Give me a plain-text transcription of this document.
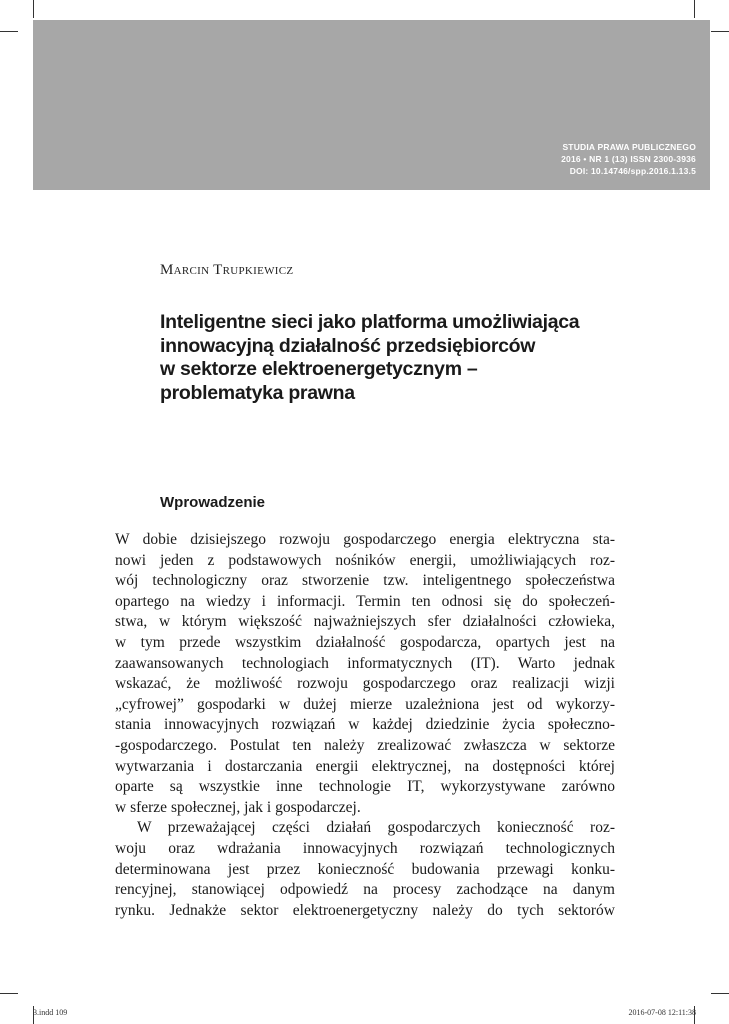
STUDIA PRAWA PUBLICZNEGO
2016 • NR 1 (13) ISSN 2300-3936
DOI: 10.14746/spp.2016.1.13.5
Marcin Trupkiewicz
Inteligentne sieci jako platforma umożliwiająca
innowacyjną działalność przedsiębiorców
w sektorze elektroenergetycznym –
problematyka prawna
Wprowadzenie
W dobie dzisiejszego rozwoju gospodarczego energia elektryczna sta-
nowi jeden z podstawowych nośników energii, umożliwiających roz-
wój technologiczny oraz stworzenie tzw. inteligentnego społeczeństwa
opartego na wiedzy i informacji. Termin ten odnosi się do społeczeń-
stwa, w którym większość najważniejszych sfer działalności człowieka,
w tym przede wszystkim działalność gospodarcza, opartych jest na
zaawansowanych technologiach informatycznych (IT). Warto jednak
wskazać, że możliwość rozwoju gospodarczego oraz realizacji wizji
„cyfrowej” gospodarki w dużej mierze uzależniona jest od wykorzy-
stania innowacyjnych rozwiązań w każdej dziedzinie życia społeczno-
-gospodarczego. Postulat ten należy zrealizować zwłaszcza w sektorze
wytwarzania i dostarczania energii elektrycznej, na dostępności której
oparte są wszystkie inne technologie IT, wykorzystywane zarówno
w sferze społecznej, jak i gospodarczej.
W przeważającej części działań gospodarczych konieczność roz-
woju oraz wdrażania innowacyjnych rozwiązań technologicznych
determinowana jest przez konieczność budowania przewagi konku-
rencyjnej, stanowiącej odpowiedź na procesy zachodzące na danym
rynku. Jednakże sektor elektroenergetyczny należy do tych sektorów
3.indd 109	2016-07-08 12:11:38
